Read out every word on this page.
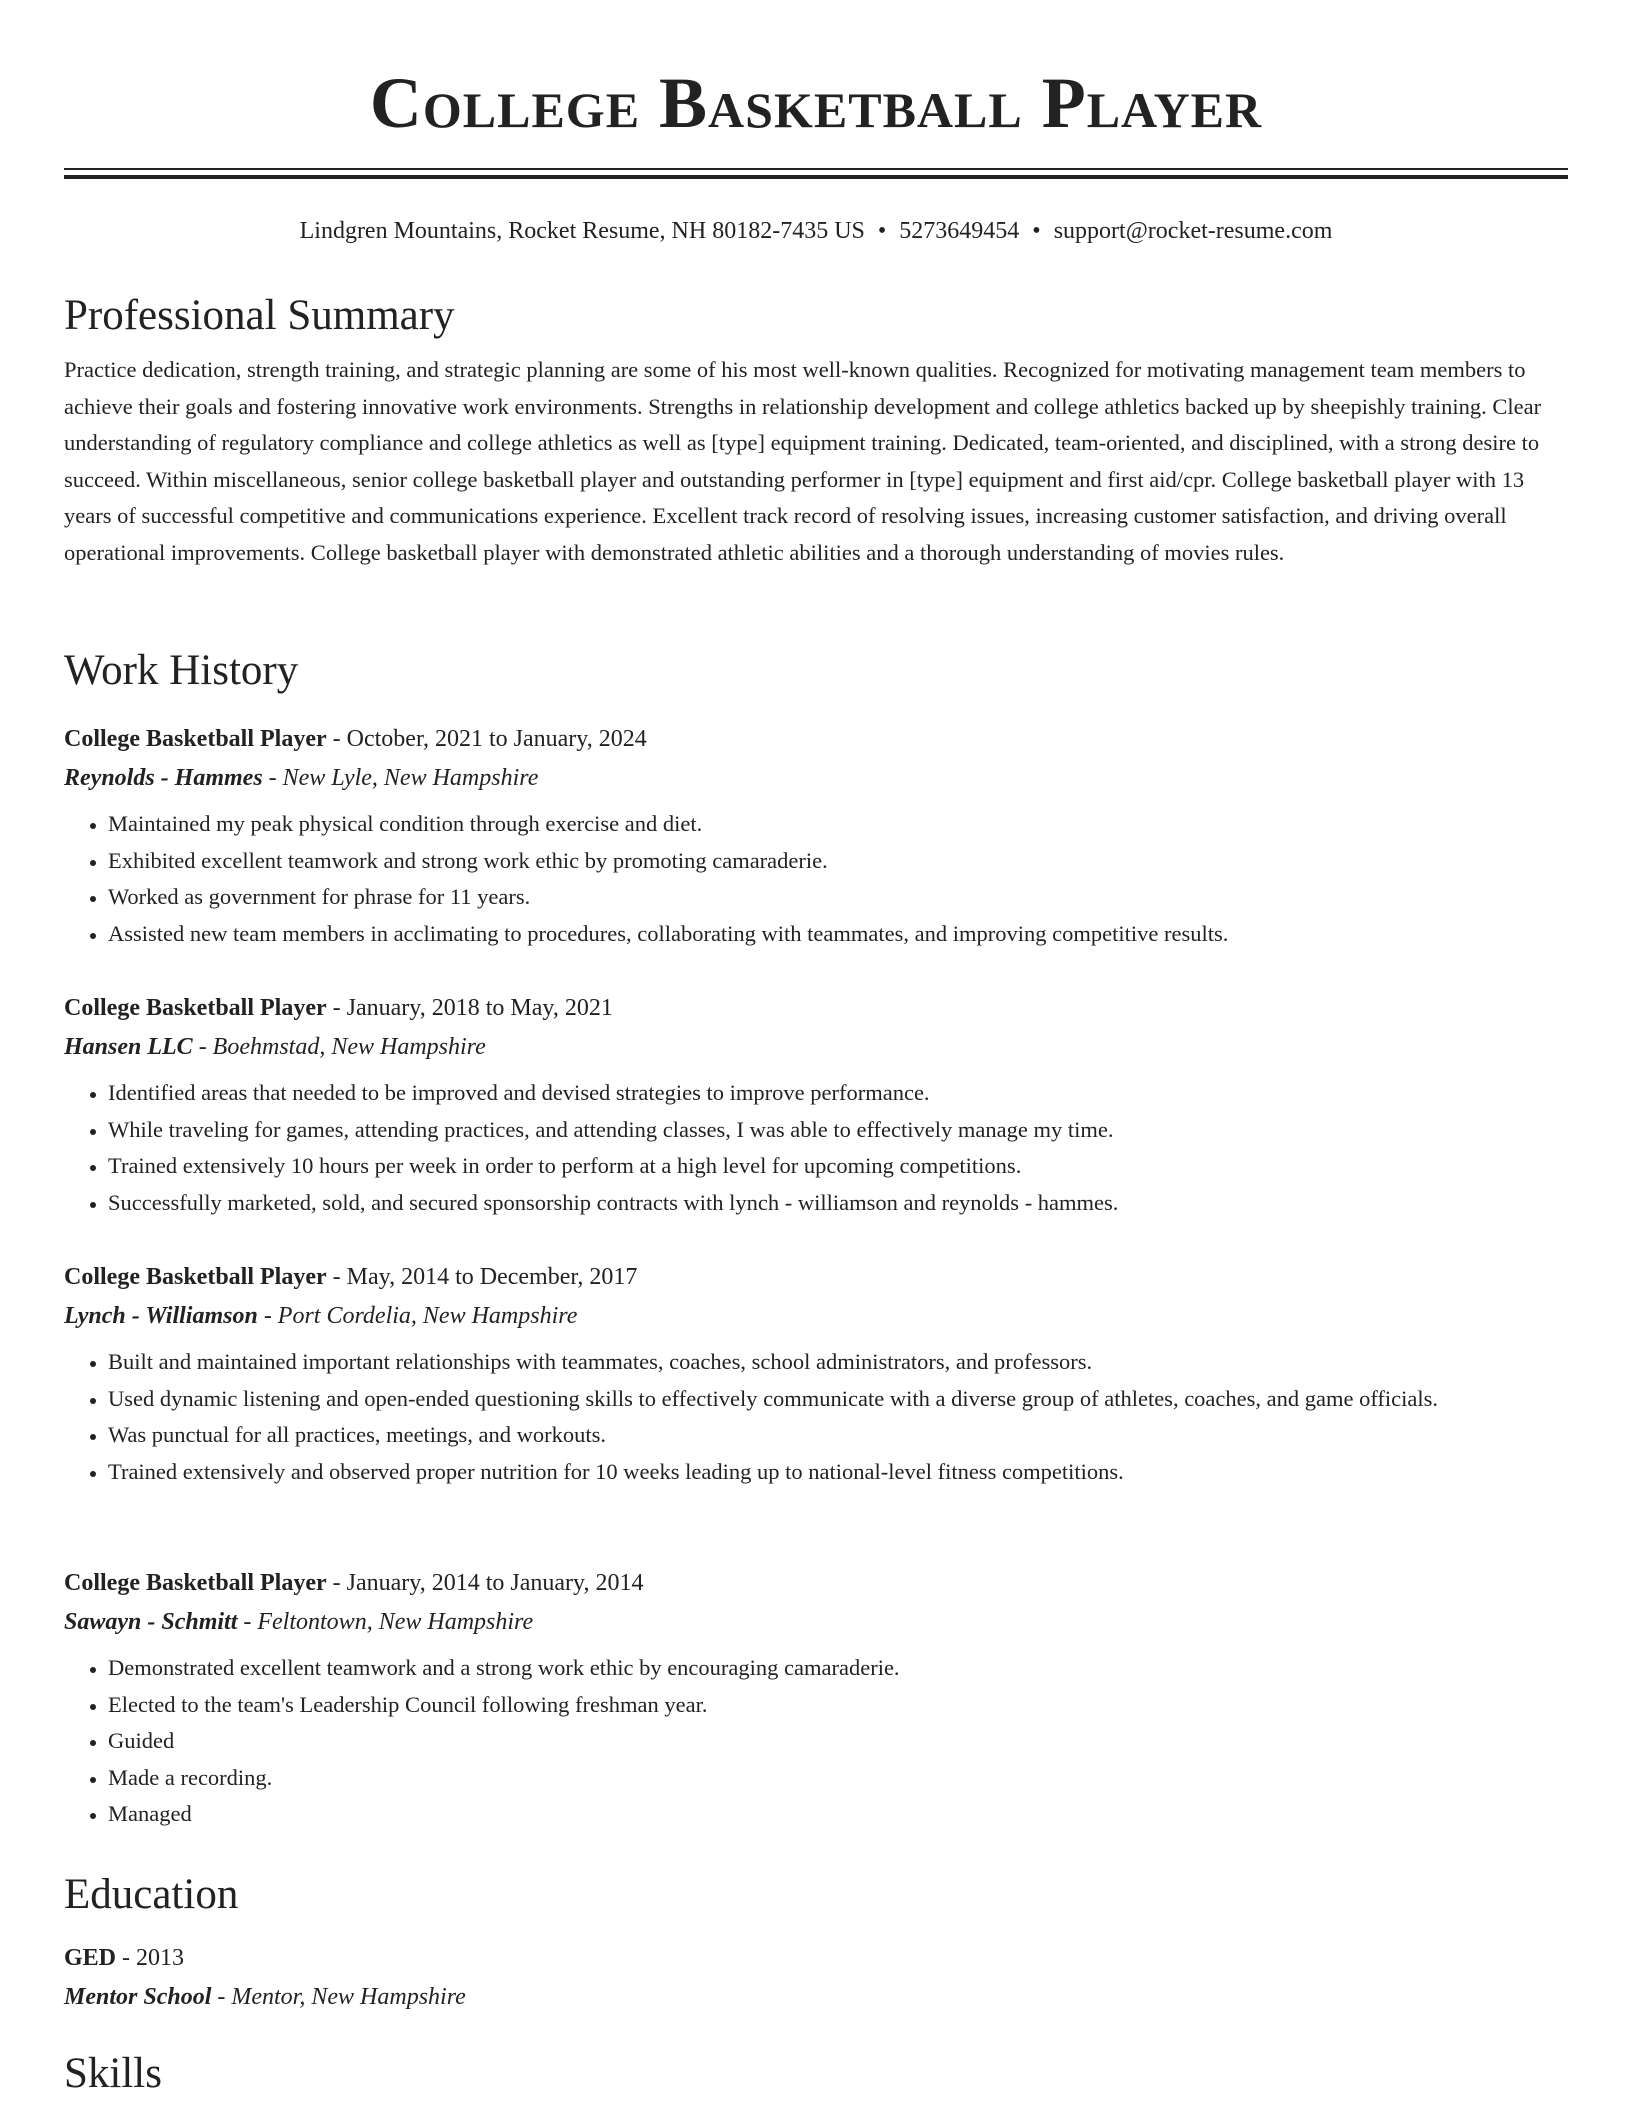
College Basketball Player
Lindgren Mountains, Rocket Resume, NH 80182-7435 US • 5273649454 • support@rocket-resume.com
Professional Summary

Practice dedication, strength training, and strategic planning are some of his most well-known qualities. Recognized for motivating management team members to achieve their goals and fostering innovative work environments. Strengths in relationship development and college athletics backed up by sheepishly training. Clear understanding of regulatory compliance and college athletics as well as [type] equipment training. Dedicated, team-oriented, and disciplined, with a strong desire to succeed. Within miscellaneous, senior college basketball player and outstanding performer in [type] equipment and first aid/cpr. College basketball player with 13 years of successful competitive and communications experience. Excellent track record of resolving issues, increasing customer satisfaction, and driving overall operational improvements. College basketball player with demonstrated athletic abilities and a thorough understanding of movies rules.

Work History

College Basketball Player - October, 2021 to January, 2024

Reynolds - Hammes - New Lyle, New Hampshire

• Maintained my peak physical condition through exercise and diet.
• Exhibited excellent teamwork and strong work ethic by promoting camaraderie.
• Worked as government for phrase for 11 years.
• Assisted new team members in acclimating to procedures, collaborating with teammates, and improving competitive results.

College Basketball Player - January, 2018 to May, 2021

Hansen LLC - Boehmstad, New Hampshire

• Identified areas that needed to be improved and devised strategies to improve performance.
• While traveling for games, attending practices, and attending classes, I was able to effectively manage my time.
• Trained extensively 10 hours per week in order to perform at a high level for upcoming competitions.
• Successfully marketed, sold, and secured sponsorship contracts with lynch - williamson and reynolds - hammes.

College Basketball Player - May, 2014 to December, 2017

Lynch - Williamson - Port Cordelia, New Hampshire

• Built and maintained important relationships with teammates, coaches, school administrators, and professors.
• Used dynamic listening and open-ended questioning skills to effectively communicate with a diverse group of athletes, coaches, and game officials.
• Was punctual for all practices, meetings, and workouts.
• Trained extensively and observed proper nutrition for 10 weeks leading up to national-level fitness competitions.

College Basketball Player - January, 2014 to January, 2014

Sawayn - Schmitt - Feltontown, New Hampshire

• Demonstrated excellent teamwork and a strong work ethic by encouraging camaraderie.
• Elected to the team's Leadership Council following freshman year.
• Guided
• Made a recording.
• Managed
Education

GED - 2013

Mentor School - Mentor, New Hampshire

Skills
